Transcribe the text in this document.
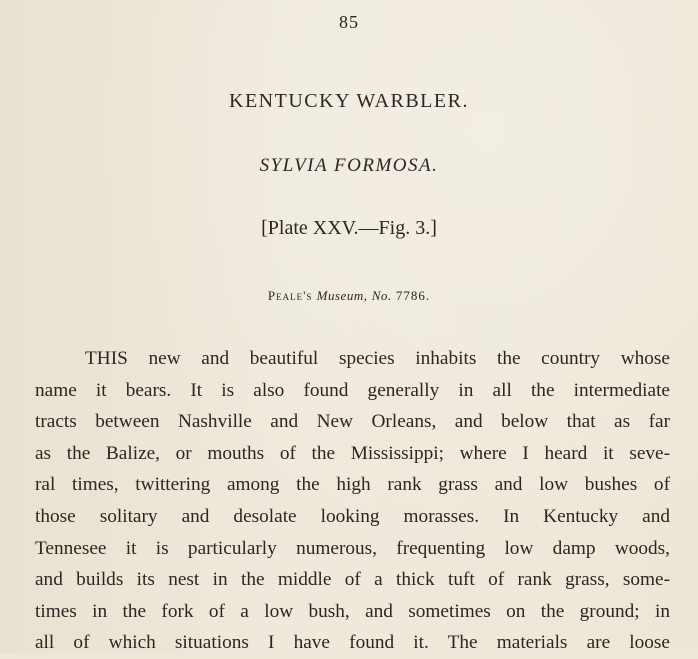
85
KENTUCKY WARBLER.
SYLVIA FORMOSA.
[Plate XXV.—Fig. 3.]
Peale's Museum, No. 7786.
THIS new and beautiful species inhabits the country whose
name it bears. It is also found generally in all the intermediate
tracts between Nashville and New Orleans, and below that as far
as the Balize, or mouths of the Mississippi; where I heard it seve-
ral times, twittering among the high rank grass and low bushes of
those solitary and desolate looking morasses. In Kentucky and
Tennesee it is particularly numerous, frequenting low damp woods,
and builds its nest in the middle of a thick tuft of rank grass, some-
times in the fork of a low bush, and sometimes on the ground; in
all of which situations I have found it. The materials are loose
